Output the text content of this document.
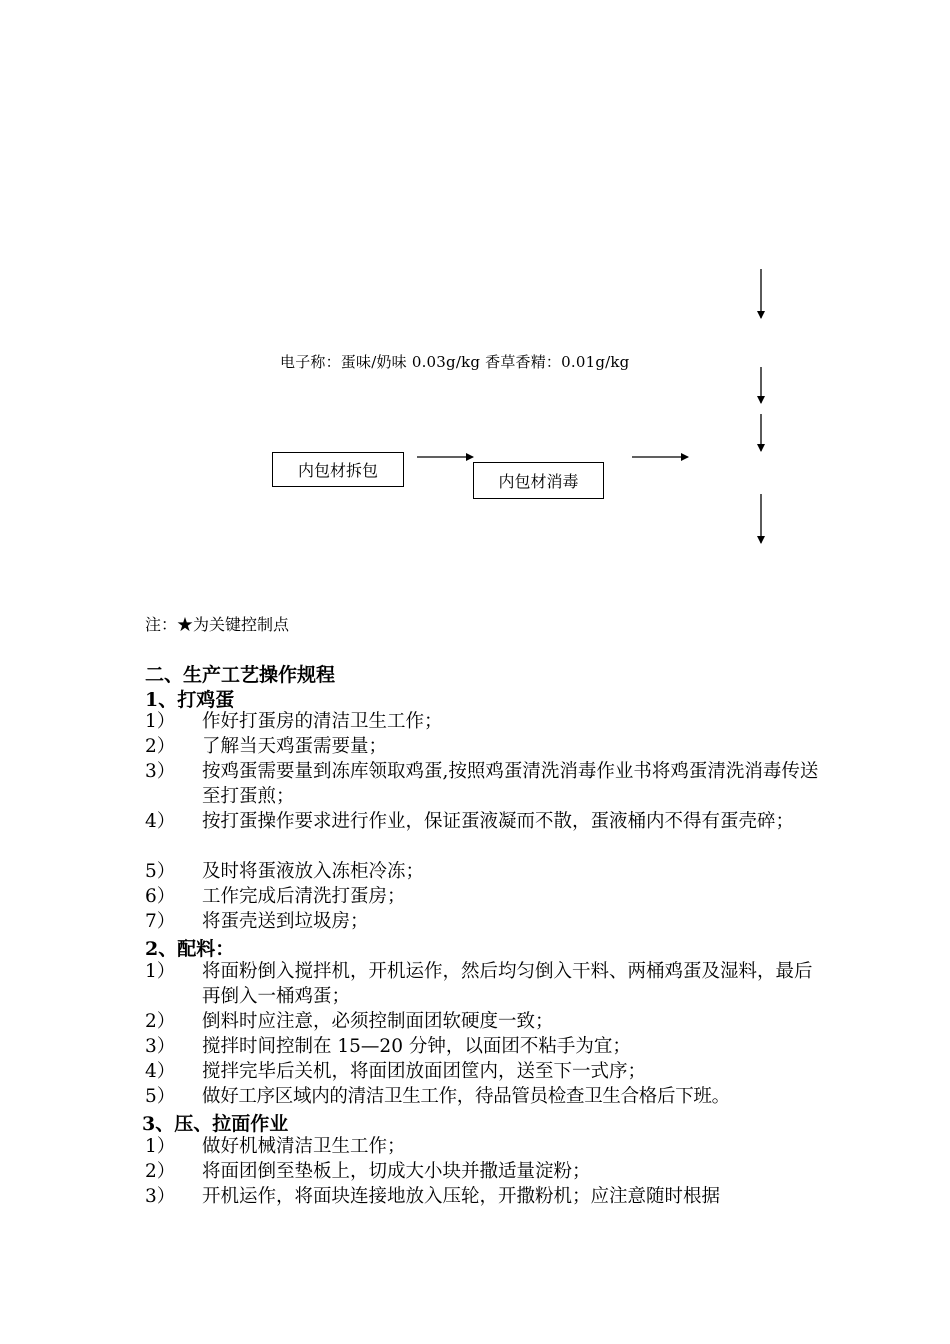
电子称：蛋味/奶味 0.03g/kg 香草香精：0.01g/kg
内包材拆包
内包材消毒
注：★为关键控制点
二、生产工艺操作规程
1、打鸡蛋
1）	作好打蛋房的清洁卫生工作；
2）	了解当天鸡蛋需要量；
3）	按鸡蛋需要量到冻库领取鸡蛋,按照鸡蛋清洗消毒作业书将鸡蛋清洗消毒传送至打蛋煎；
4）	按打蛋操作要求进行作业，保证蛋液凝而不散，蛋液桶内不得有蛋壳碎；
5）	及时将蛋液放入冻柜冷冻；
6）	工作完成后清洗打蛋房；
7）	将蛋壳送到垃圾房；
2、配料：
1）	将面粉倒入搅拌机，开机运作，然后均匀倒入干料、两桶鸡蛋及湿料，最后再倒入一桶鸡蛋；
2）	倒料时应注意，必须控制面团软硬度一致；
3）	搅拌时间控制在 15—20 分钟，以面团不粘手为宜；
4）	搅拌完毕后关机，将面团放面团筐内，送至下一式序；
5）	做好工序区域内的清洁卫生工作，待品管员检查卫生合格后下班。
3、压、拉面作业
1）	做好机械清洁卫生工作；
2）	将面团倒至垫板上，切成大小块并撒适量淀粉；
3）	开机运作，将面块连接地放入压轮，开撒粉机；应注意随时根据
